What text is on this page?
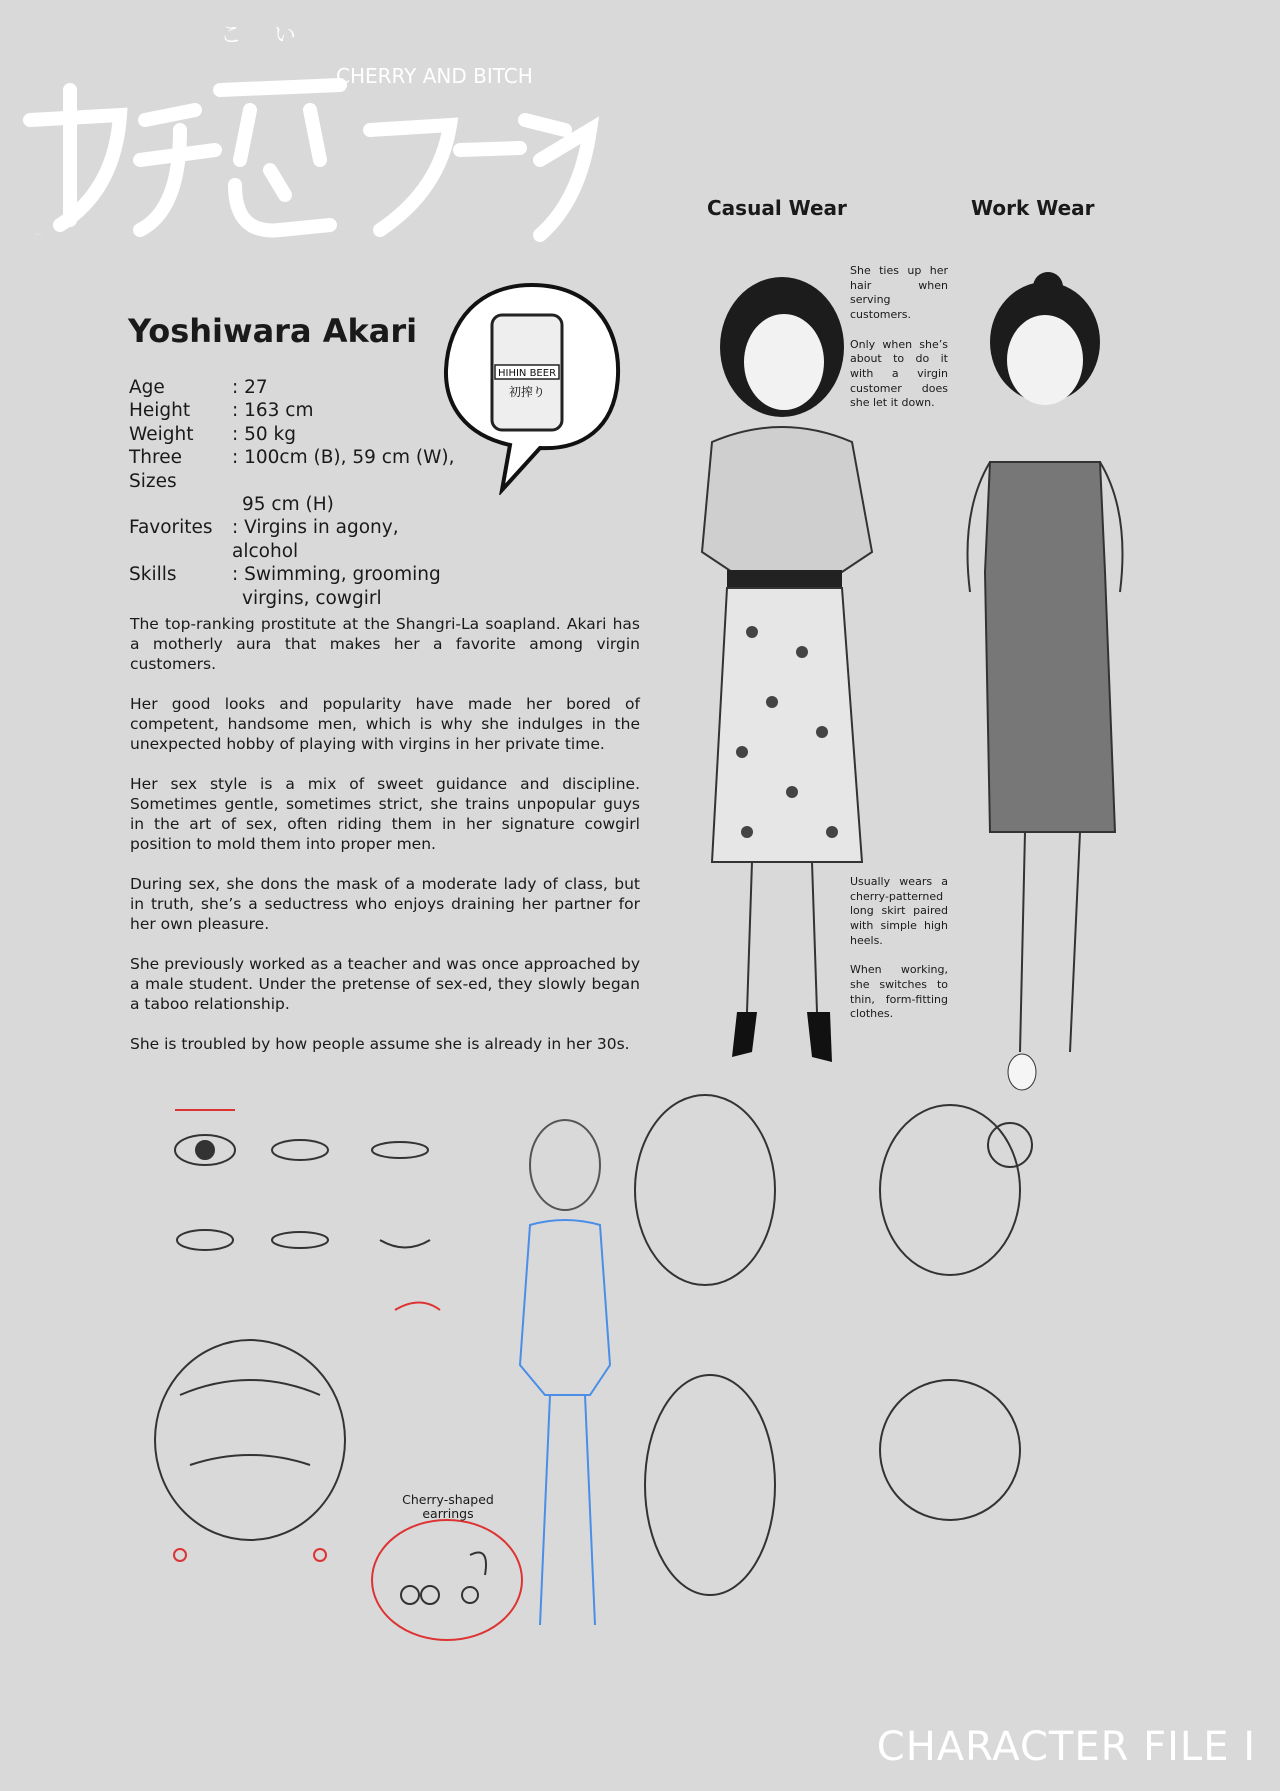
ガチ恋フーゾク
こい
CHERRY AND BITCH
Casual Wear	Work Wear
Yoshiwara Akari
Age	: 27
Height	: 163 cm
Weight	: 50 kg
Three Sizes
: 100cm (B), 59 cm (W),
95 cm (H)
Favorites	: Virgins in agony, alcohol
Skills	: Swimming, grooming
virgins, cowgirl
HIHIN BEER
初搾り

The top-ranking prostitute at the Shangri-La soapland. Akari has a motherly aura that makes her a favorite among virgin customers.

Her good looks and popularity have made her bored of competent, handsome men, which is why she indulges in the unexpected hobby of playing with virgins in her private time.

Her sex style is a mix of sweet guidance and discipline. Sometimes gentle, sometimes strict, she trains unpopular guys in the art of sex, often riding them in her signature cowgirl position to mold them into proper men.

During sex, she dons the mask of a moderate lady of class, but in truth, she’s a seductress who enjoys draining her partner for her own pleasure.

She previously worked as a teacher and was once approached by a male student. Under the pretense of sex-ed, they slowly began a taboo relationship.

She is troubled by how people assume she is already in her 30s.

She ties up her hair when serving customers.

Only when she’s about to do it with a virgin customer does she let it down.

Usually wears a cherry-patterned long skirt paired with simple high heels.

When working, she switches to thin, form-fitting clothes.

Cherry-shaped earrings
CHARACTER FILE I
